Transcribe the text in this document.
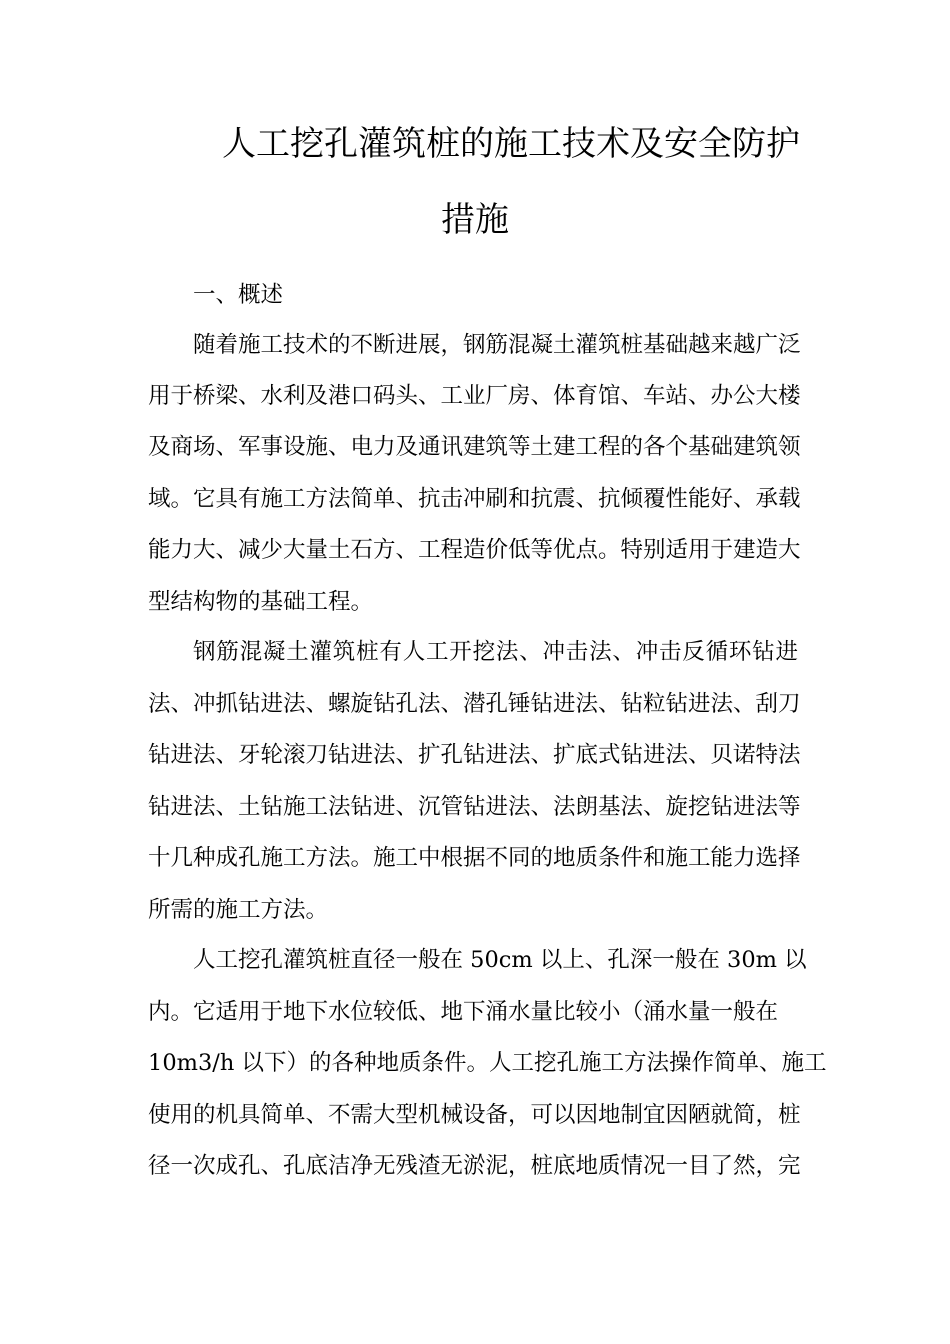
人工挖孔灌筑桩的施工技术及安全防护
措施
一、概述
随着施工技术的不断进展，钢筋混凝土灌筑桩基础越来越广泛
用于桥梁、水利及港口码头、工业厂房、体育馆、车站、办公大楼
及商场、军事设施、电力及通讯建筑等土建工程的各个基础建筑领
域。它具有施工方法简单、抗击冲刷和抗震、抗倾覆性能好、承载
能力大、减少大量土石方、工程造价低等优点。特别适用于建造大
型结构物的基础工程。
钢筋混凝土灌筑桩有人工开挖法、冲击法、冲击反循环钻进
法、冲抓钻进法、螺旋钻孔法、潜孔锤钻进法、钻粒钻进法、刮刀
钻进法、牙轮滚刀钻进法、扩孔钻进法、扩底式钻进法、贝诺特法
钻进法、土钻施工法钻进、沉管钻进法、法朗基法、旋挖钻进法等
十几种成孔施工方法。施工中根据不同的地质条件和施工能力选择
所需的施工方法。
人工挖孔灌筑桩直径一般在 50cm 以上、孔深一般在 30m 以
内。它适用于地下水位较低、地下涌水量比较小（涌水量一般在
10m3/h 以下）的各种地质条件。人工挖孔施工方法操作简单、施工
使用的机具简单、不需大型机械设备，可以因地制宜因陋就简，桩
径一次成孔、孔底洁净无残渣无淤泥，桩底地质情况一目了然，完
